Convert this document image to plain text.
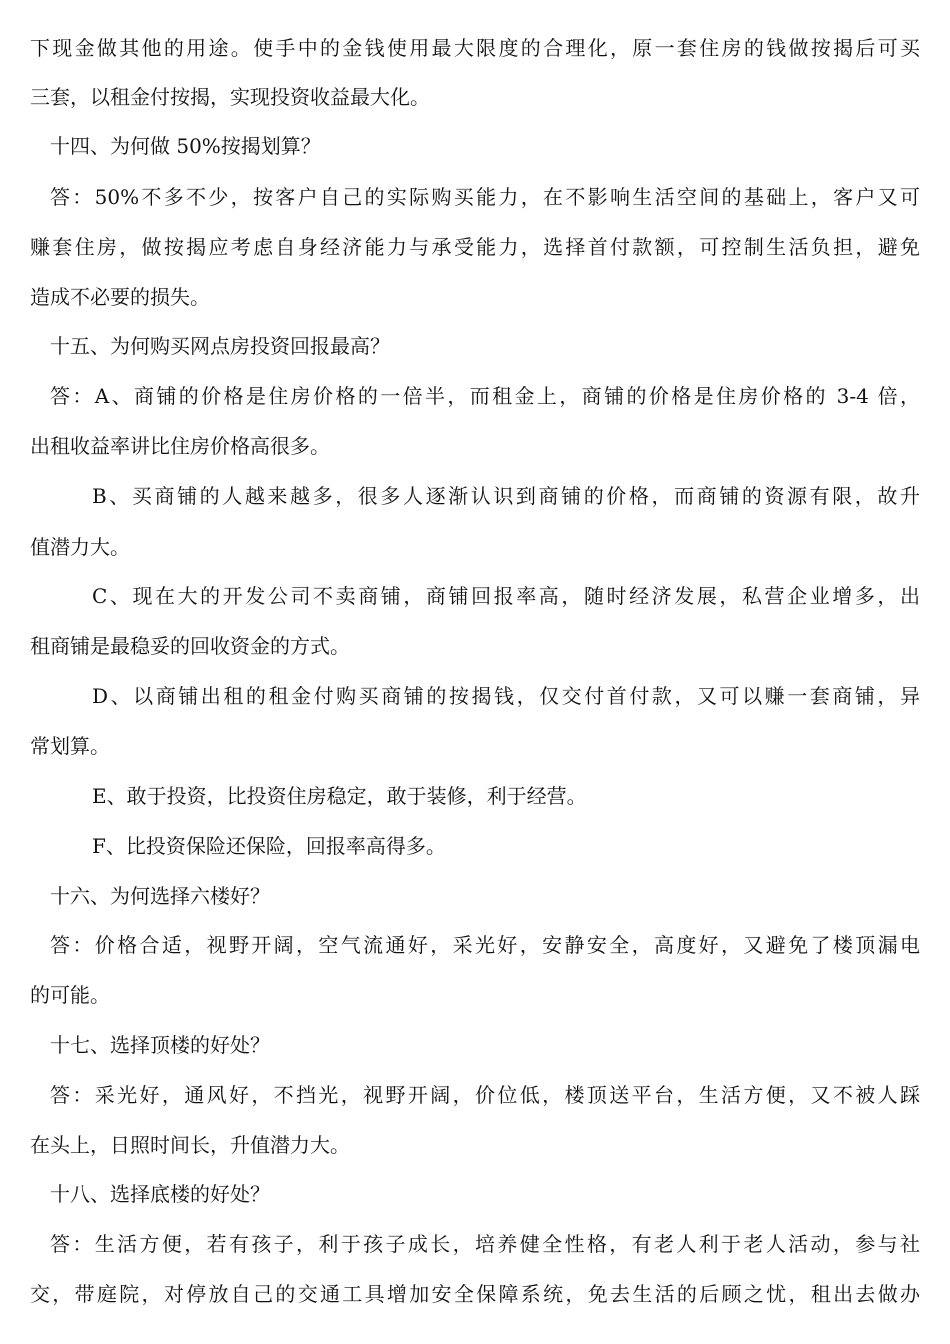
下现金做其他的用途。使手中的金钱使用最大限度的合理化，原一套住房的钱做按揭后可买
三套，以租金付按揭，实现投资收益最大化。
十四、为何做 50%按揭划算？
答：50%不多不少，按客户自己的实际购买能力，在不影响生活空间的基础上，客户又可
赚套住房，做按揭应考虑自身经济能力与承受能力，选择首付款额，可控制生活负担，避免
造成不必要的损失。
十五、为何购买网点房投资回报最高？
答：A、商铺的价格是住房价格的一倍半，而租金上，商铺的价格是住房价格的 3-4 倍，
出租收益率讲比住房价格高很多。
B、买商铺的人越来越多，很多人逐渐认识到商铺的价格，而商铺的资源有限，故升
值潜力大。
C、现在大的开发公司不卖商铺，商铺回报率高，随时经济发展，私营企业增多，出
租商铺是最稳妥的回收资金的方式。
D、以商铺出租的租金付购买商铺的按揭钱，仅交付首付款，又可以赚一套商铺，异
常划算。
E、敢于投资，比投资住房稳定，敢于装修，利于经营。
F、比投资保险还保险，回报率高得多。
十六、为何选择六楼好？
答：价格合适，视野开阔，空气流通好，采光好，安静安全，高度好，又避免了楼顶漏电
的可能。
十七、选择顶楼的好处？
答：采光好，通风好，不挡光，视野开阔，价位低，楼顶送平台，生活方便，又不被人踩
在头上，日照时间长，升值潜力大。
十八、选择底楼的好处？
答：生活方便，若有孩子，利于孩子成长，培养健全性格，有老人利于老人活动，参与社
交，带庭院，对停放自己的交通工具增加安全保障系统，免去生活的后顾之忧，租出去做办
